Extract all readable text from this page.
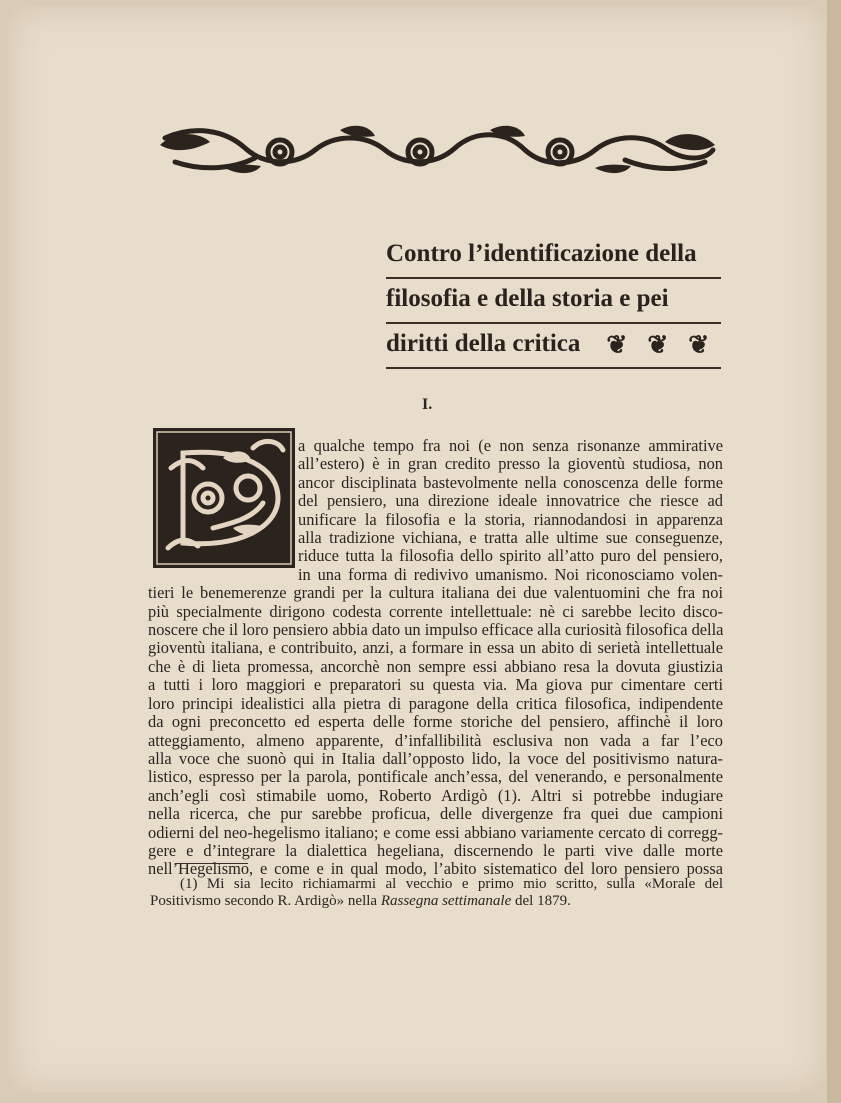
Contro l’identificazione della
filosofia e della storia e pei
diritti della critica ❦ ❦ ❦
I.
a qualche tempo fra noi (e non senza risonanze ammirative
all’estero) è in gran credito presso la gioventù studiosa, non
ancor disciplinata bastevolmente nella conoscenza delle forme
del pensiero, una direzione ideale innovatrice che riesce ad
unificare la filosofia e la storia, riannodandosi in apparenza
alla tradizione vichiana, e tratta alle ultime sue conseguenze,
riduce tutta la filosofia dello spirito all’atto puro del pensiero,
in una forma di redivivo umanismo. Noi riconosciamo volen-
tieri le benemerenze grandi per la cultura italiana dei due valentuomini che fra noi
più specialmente dirigono codesta corrente intellettuale: nè ci sarebbe lecito disco-
noscere che il loro pensiero abbia dato un impulso efficace alla curiosità filosofica della
gioventù italiana, e contribuito, anzi, a formare in essa un abito di serietà intellettuale
che è di lieta promessa, ancorchè non sempre essi abbiano resa la dovuta giustizia
a tutti i loro maggiori e preparatori su questa via. Ma giova pur cimentare certi
loro principi idealistici alla pietra di paragone della critica filosofica, indipendente
da ogni preconcetto ed esperta delle forme storiche del pensiero, affinchè il loro
atteggiamento, almeno apparente, d’infallibilità esclusiva non vada a far l’eco
alla voce che suonò qui in Italia dall’opposto lido, la voce del positivismo natura-
listico, espresso per la parola, pontificale anch’essa, del venerando, e personalmente
anch’egli così stimabile uomo, Roberto Ardigò (1). Altri si potrebbe indugiare
nella ricerca, che pur sarebbe proficua, delle divergenze fra quei due campioni
odierni del neo-hegelismo italiano; e come essi abbiano variamente cercato di corregg-
gere e d’integrare la dialettica hegeliana, discernendo le parti vive dalle morte
nell’Hegelismo, e come e in qual modo, l’abito sistematico del loro pensiero possa
(1) Mi sia lecito richiamarmi al vecchio e primo mio scritto, sulla «Morale del
Positivismo secondo R. Ardigò» nella Rassegna settimanale del 1879.
